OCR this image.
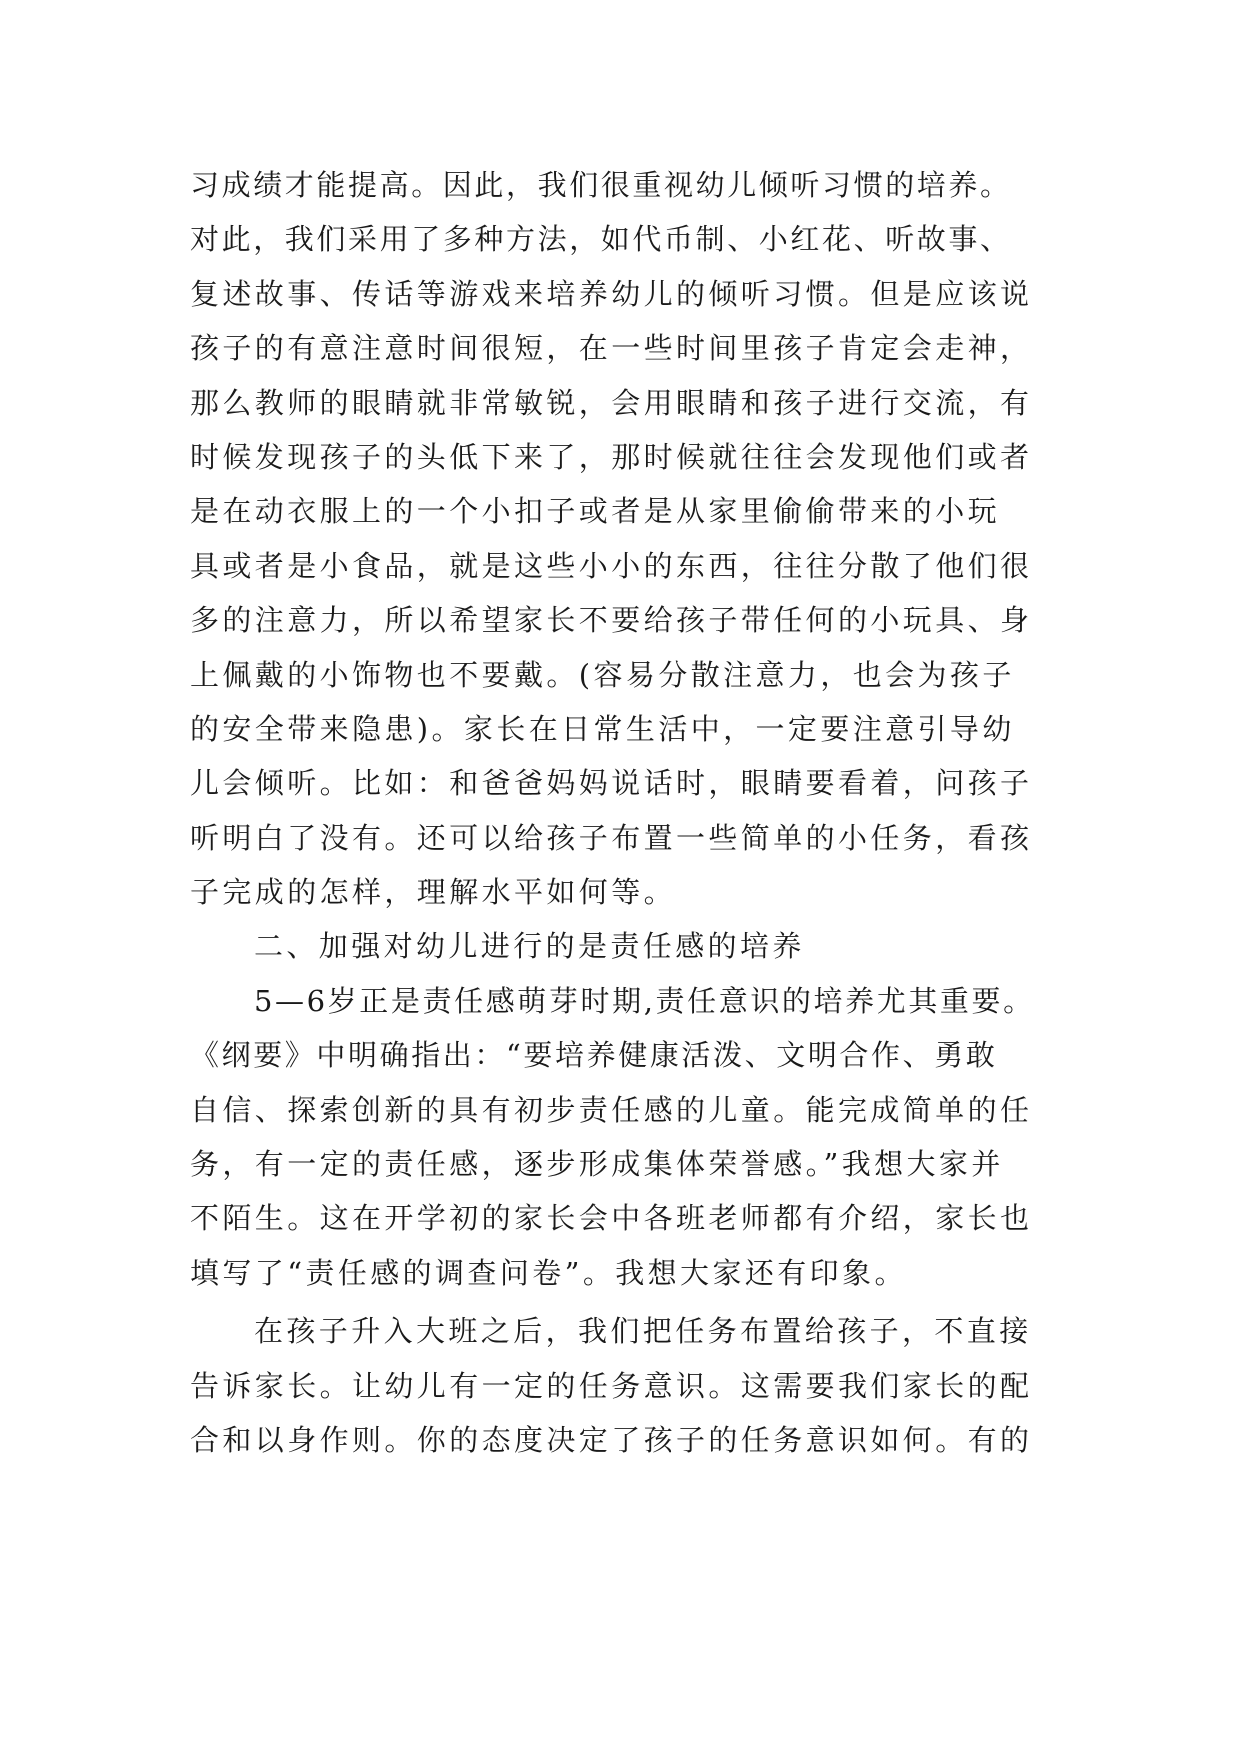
习成绩才能提高。因此，我们很重视幼儿倾听习惯的培养。
对此，我们采用了多种方法，如代币制、小红花、听故事、
复述故事、传话等游戏来培养幼儿的倾听习惯。但是应该说
孩子的有意注意时间很短，在一些时间里孩子肯定会走神，
那么教师的眼睛就非常敏锐，会用眼睛和孩子进行交流，有
时候发现孩子的头低下来了，那时候就往往会发现他们或者
是在动衣服上的一个小扣子或者是从家里偷偷带来的小玩
具或者是小食品，就是这些小小的东西，往往分散了他们很
多的注意力，所以希望家长不要给孩子带任何的小玩具、身
上佩戴的小饰物也不要戴。(容易分散注意力，也会为孩子
的安全带来隐患)。家长在日常生活中，一定要注意引导幼
儿会倾听。比如：和爸爸妈妈说话时，眼睛要看着，问孩子
听明白了没有。还可以给孩子布置一些简单的小任务，看孩
子完成的怎样，理解水平如何等。
二、加强对幼儿进行的是责任感的培养
5—6岁正是责任感萌芽时期,责任意识的培养尤其重要。
《纲要》中明确指出：“要培养健康活泼、文明合作、勇敢
自信、探索创新的具有初步责任感的儿童。能完成简单的任
务，有一定的责任感，逐步形成集体荣誉感。”我想大家并
不陌生。这在开学初的家长会中各班老师都有介绍，家长也
填写了“责任感的调查问卷”。我想大家还有印象。
在孩子升入大班之后，我们把任务布置给孩子，不直接
告诉家长。让幼儿有一定的任务意识。这需要我们家长的配
合和以身作则。你的态度决定了孩子的任务意识如何。有的
